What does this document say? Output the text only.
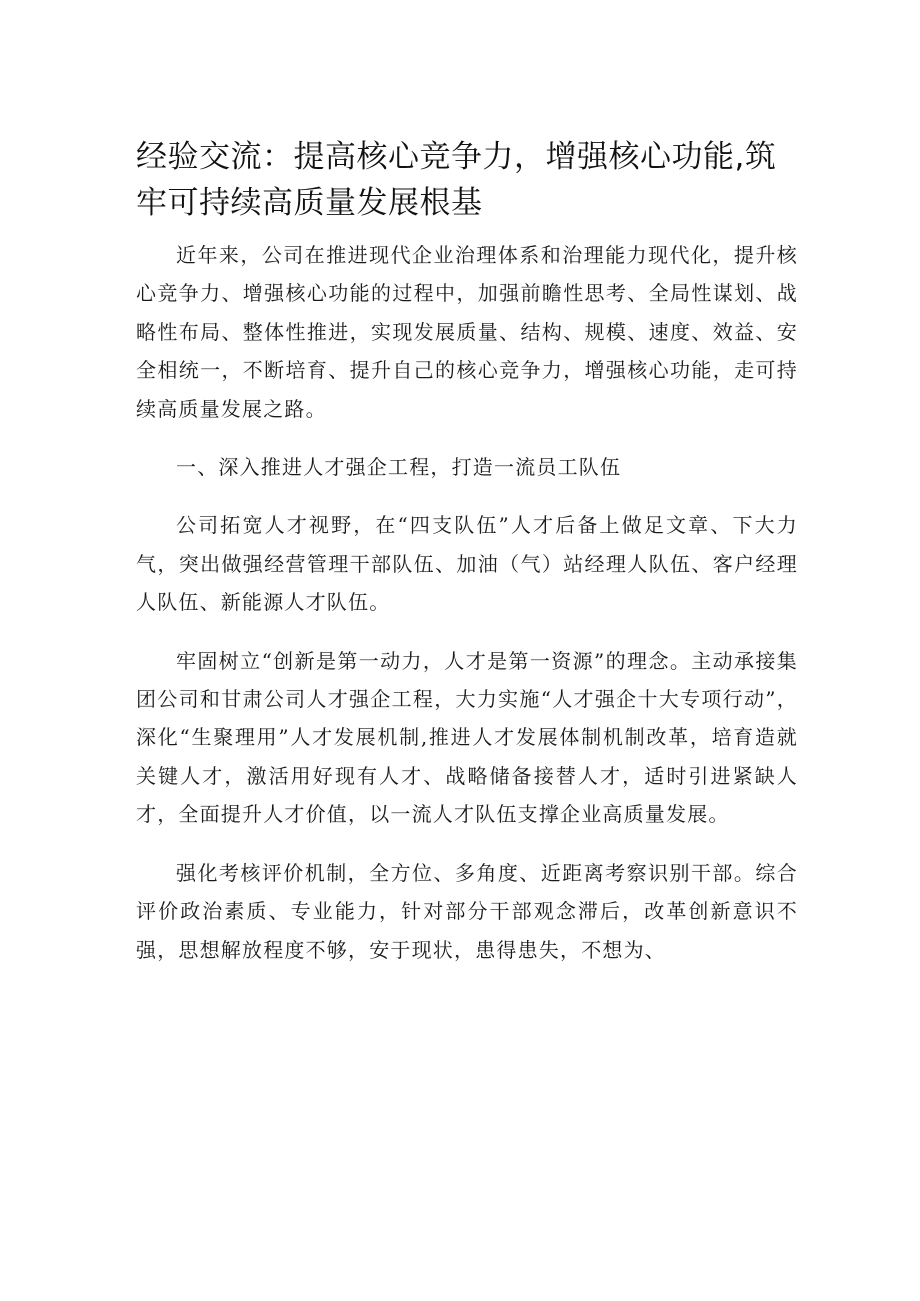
经验交流：提高核心竞争力，增强核心功能,筑牢可持续高质量发展根基

近年来，公司在推进现代企业治理体系和治理能力现代化，提升核心竞争力、增强核心功能的过程中，加强前瞻性思考、全局性谋划、战略性布局、整体性推进，实现发展质量、结构、规模、速度、效益、安全相统一，不断培育、提升自己的核心竞争力，增强核心功能，走可持续高质量发展之路。

一、深入推进人才强企工程，打造一流员工队伍

公司拓宽人才视野，在“四支队伍”人才后备上做足文章、下大力气，突出做强经营管理干部队伍、加油（气）站经理人队伍、客户经理人队伍、新能源人才队伍。

牢固树立“创新是第一动力，人才是第一资源”的理念。主动承接集团公司和甘肃公司人才强企工程，大力实施“人才强企十大专项行动”，深化“生聚理用”人才发展机制,推进人才发展体制机制改革，培育造就关键人才，激活用好现有人才、战略储备接替人才，适时引进紧缺人才，全面提升人才价值，以一流人才队伍支撑企业高质量发展。

强化考核评价机制，全方位、多角度、近距离考察识别干部。综合评价政治素质、专业能力，针对部分干部观念滞后，改革创新意识不强，思想解放程度不够，安于现状，患得患失，不想为、
